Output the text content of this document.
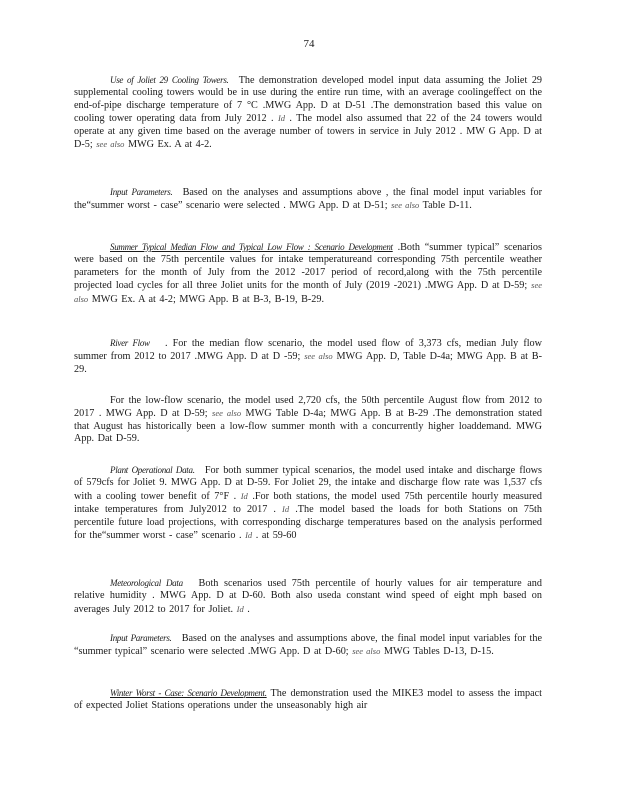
74

Use of Joliet 29 Cooling Towers.  The demonstration developed model input data assuming the Joliet 29 supplemental cooling towers would be in use during the entire run time, with an average coolingeffect on the end-of-pipe discharge temperature of 7 °C .MWG App. D at D-51 .The demonstration based this value on cooling tower operating data from July 2012 . Id . The model also assumed that 22 of the 24 towers would operate at any given time based on the average number of towers in service in July 2012 . MW G App. D at D-5; see also MWG Ex. A at 4-2.

Input Parameters.  Based on the analyses and assumptions above , the final model input variables for the“summer worst - case” scenario were selected . MWG App. D at D-51; see also Table D-11.

Summer Typical Median Flow and Typical Low Flow : Scenario Development .Both “summer typical” scenarios were based on the 75th percentile values for intake temperatureand corresponding 75th percentile weather parameters for the month of July from the 2012 -2017 period of record,along with the 75th percentile projected load cycles for all three Joliet units for the month of July (2019 -2021) .MWG App. D at D-59; see also MWG Ex. A at 4-2; MWG App. B at B-3, B-19, B-29.

River Flow  . For the median flow scenario, the model used flow of 3,373 cfs, median July flow summer from 2012 to 2017 .MWG App. D at D -59; see also MWG App. D, Table D-4a; MWG App. B at B-29.

For the low-flow scenario, the model used 2,720 cfs, the 50th percentile August flow from 2012 to 2017 . MWG App. D at D-59; see also MWG Table D-4a; MWG App. B at B-29 .The demonstration stated that August has historically been a low-flow summer month with a concurrently higher loaddemand. MWG App. Dat D-59.

Plant Operational Data.  For both summer typical scenarios, the model used intake and discharge flows of 579cfs for Joliet 9. MWG App. D at D-59. For Joliet 29, the intake and discharge flow rate was 1,537 cfs with a cooling tower benefit of 7°F . Id .For both stations, the model used 75th percentile hourly measured intake temperatures from July2012 to 2017 . Id .The model based the loads for both Stations on 75th percentile future load projections, with corresponding discharge temperatures based on the analysis performed for the“summer worst - case” scenario . Id . at 59-60

Meteorological Data  Both scenarios used 75th percentile of hourly values for air temperature and relative humidity . MWG App. D at D-60. Both also useda constant wind speed of eight mph based on averages July 2012 to 2017 for Joliet. Id .

Input Parameters.  Based on the analyses and assumptions above, the final model input variables for the “summer typical” scenario were selected .MWG App. D at D-60; see also MWG Tables D-13, D-15.

Winter Worst - Case: Scenario Development. The demonstration used the MIKE3 model to assess the impact of expected Joliet Stations operations under the unseasonably high air
